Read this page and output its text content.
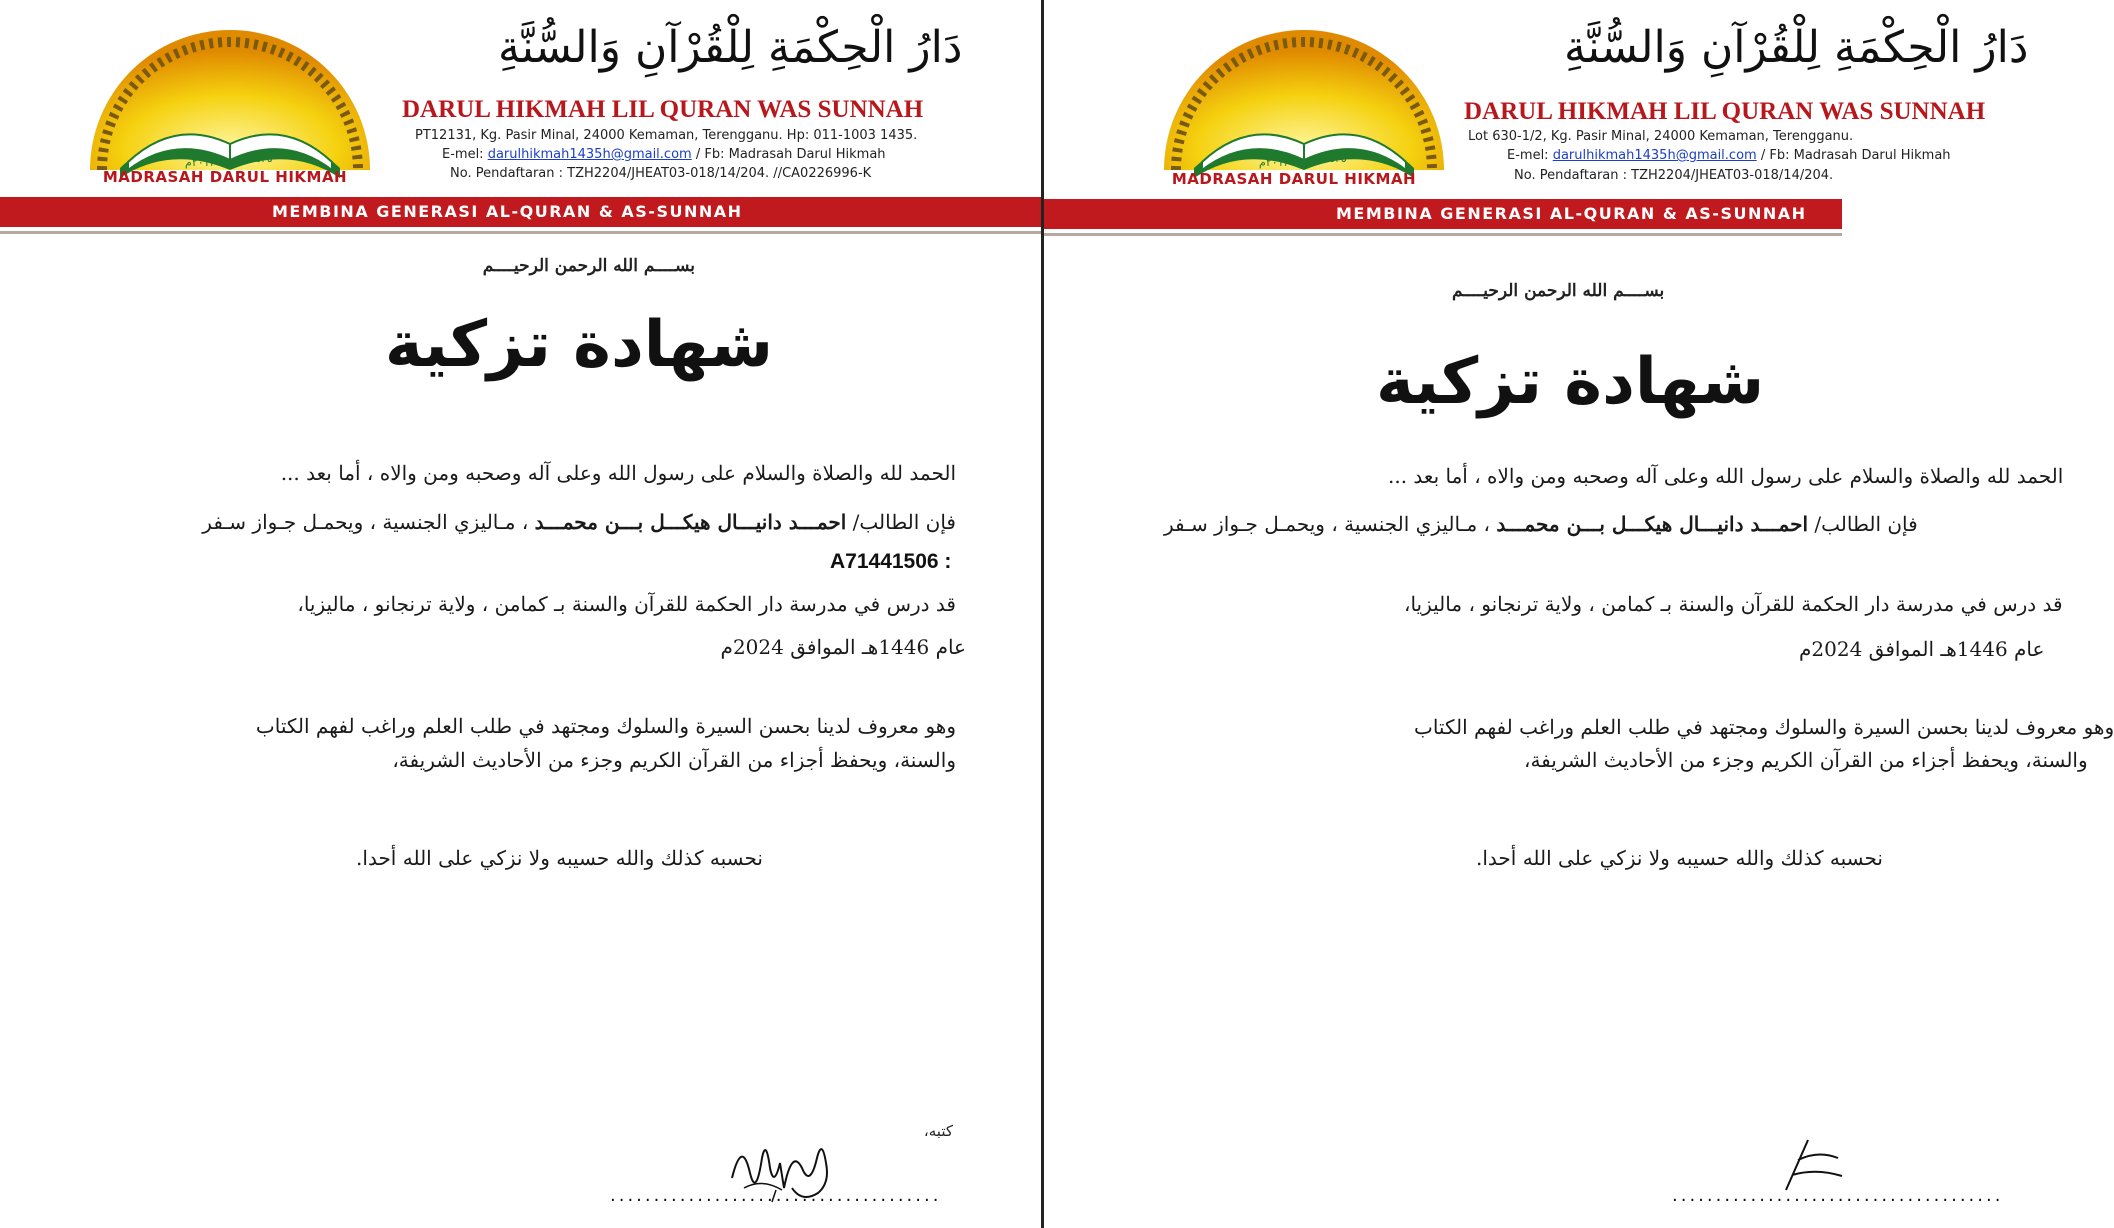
٢٠١٣م ١٤٣٥هـ
MADRASAH DARUL HIKMAH
دَارُ الْحِكْمَةِ لِلْقُرْآنِ وَالسُّنَّةِ
DARUL HIKMAH LIL QURAN WAS SUNNAH
PT12131, Kg. Pasir Minal, 24000 Kemaman, Terengganu. Hp: 011-1003 1435.
E-mel: darulhikmah1435h@gmail.com / Fb: Madrasah Darul Hikmah
No. Pendaftaran : TZH2204/JHEAT03-018/14/204. //CA0226996-K
MEMBINA GENERASI AL-QURAN & AS-SUNNAH
بســــم الله الرحمن الرحيــــم
شهادة تزكية
الحمد لله والصلاة والسلام على رسول الله وعلى آله وصحبه ومن والاه ، أما بعد ...
فإن الطالب/ احمـــد دانيـــال هيكـــل بـــن محمـــد ، مـاليزي الجنسية ، ويحمـل جـواز سـفر
A71441506 :
قد درس في مدرسة دار الحكمة للقرآن والسنة بـ كمامن ، ولاية ترنجانو ، ماليزيا،
عام 1446هـ الموافق 2024م
وهو معروف لدينا بحسن السيرة والسلوك ومجتهد في طلب العلم وراغب لفهم الكتاب
والسنة، ويحفظ أجزاء من القرآن الكريم وجزء من الأحاديث الشريفة،
نحسبه كذلك والله حسيبه ولا نزكي على الله أحدا.
كتبه،
......................................
٢٠١٣م ١٤٣٥هـ
MADRASAH DARUL HIKMAH
دَارُ الْحِكْمَةِ لِلْقُرْآنِ وَالسُّنَّةِ
DARUL HIKMAH LIL QURAN WAS SUNNAH
Lot 630-1/2, Kg. Pasir Minal, 24000 Kemaman, Terengganu.
E-mel: darulhikmah1435h@gmail.com / Fb: Madrasah Darul Hikmah
No. Pendaftaran : TZH2204/JHEAT03-018/14/204.
MEMBINA GENERASI AL-QURAN & AS-SUNNAH
بســــم الله الرحمن الرحيــــم
شهادة تزكية
الحمد لله والصلاة والسلام على رسول الله وعلى آله وصحبه ومن والاه ، أما بعد ...
فإن الطالب/ احمـــد دانيـــال هيكـــل بـــن محمـــد ، مـاليزي الجنسية ، ويحمـل جـواز سـفر
قد درس في مدرسة دار الحكمة للقرآن والسنة بـ كمامن ، ولاية ترنجانو ، ماليزيا،
عام 1446هـ الموافق 2024م
وهو معروف لدينا بحسن السيرة والسلوك ومجتهد في طلب العلم وراغب لفهم الكتاب
والسنة، ويحفظ أجزاء من القرآن الكريم وجزء من الأحاديث الشريفة،
نحسبه كذلك والله حسيبه ولا نزكي على الله أحدا.
......................................
